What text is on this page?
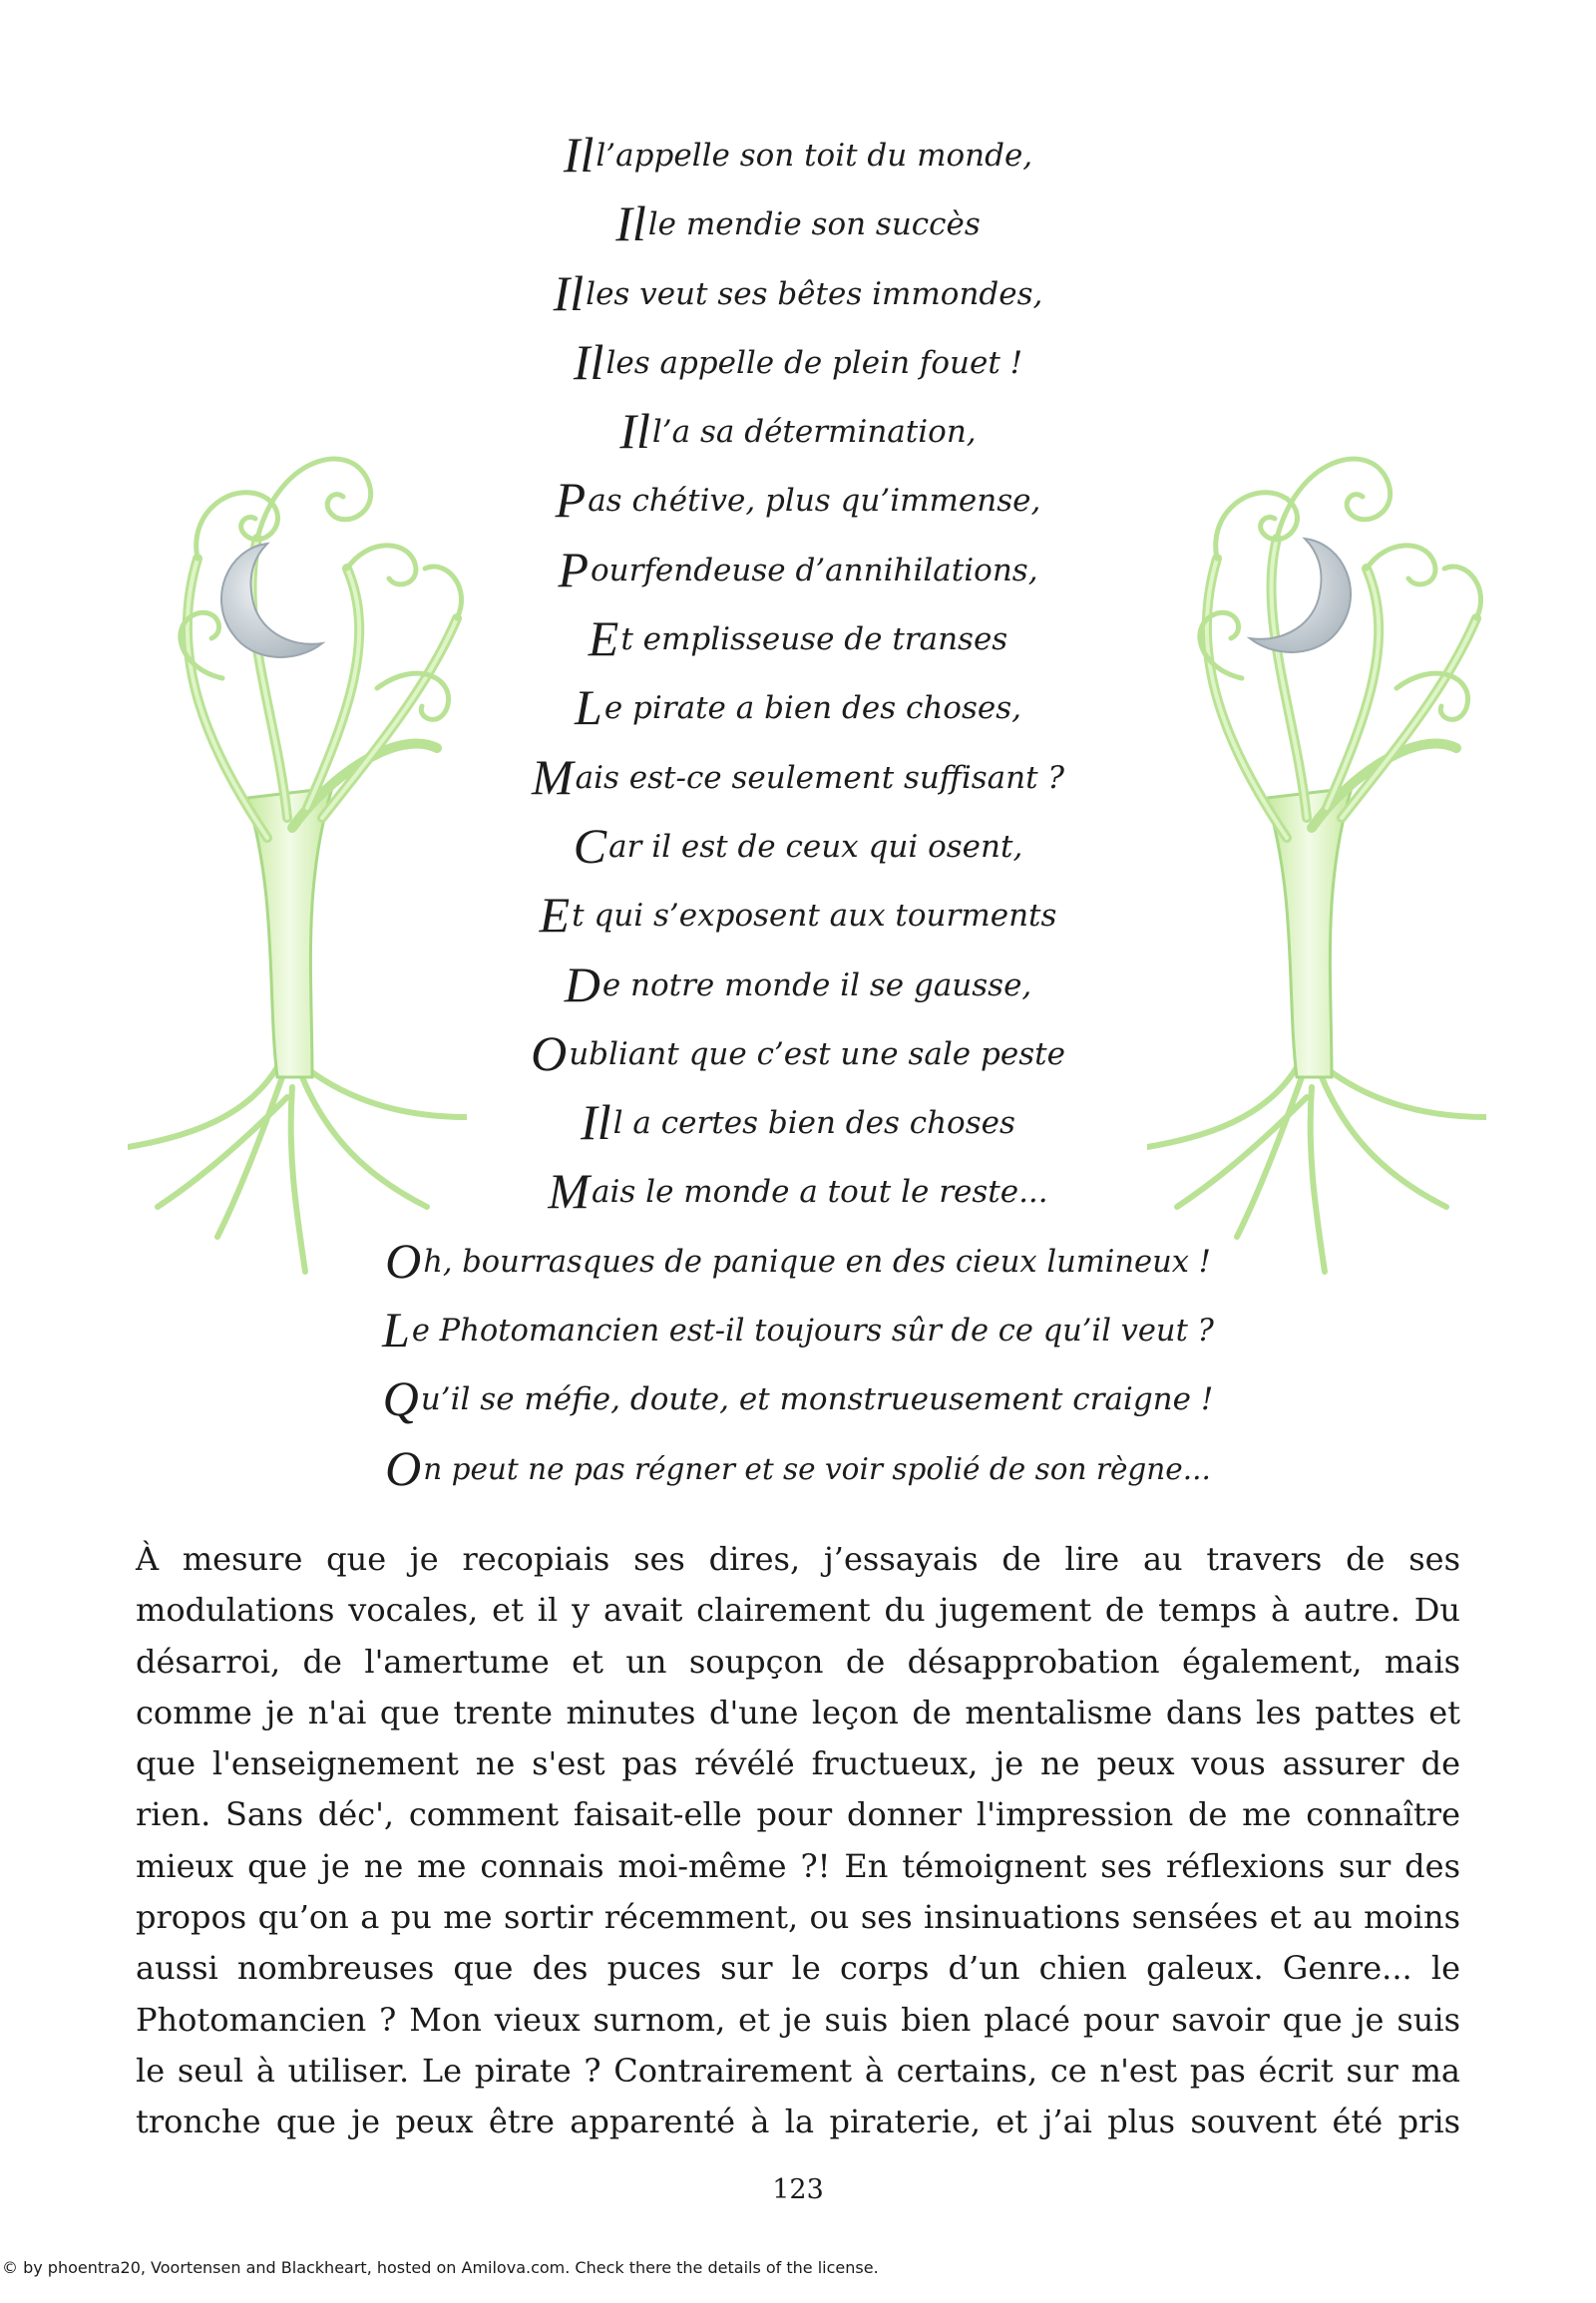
Ill’appelle son toit du monde,
Ille mendie son succès
Illes veut ses bêtes immondes,
Illes appelle de plein fouet !
Ill’a sa détermination,
Pas chétive, plus qu’immense,
Pourfendeuse d’annihilations,
Et emplisseuse de transes
Le pirate a bien des choses,
Mais est-ce seulement suffisant ?
Car il est de ceux qui osent,
Et qui s’exposent aux tourments
De notre monde il se gausse,
Oubliant que c’est une sale peste
Ill a certes bien des choses
Mais le monde a tout le reste...
Oh, bourrasques de panique en des cieux lumineux !
Le Photomancien est-il toujours sûr de ce qu’il veut ?
Qu’il se méfie, doute, et monstrueusement craigne !
On peut ne pas régner et se voir spolié de son règne...
À mesure que je recopiais ses dires, j’essayais de lire au travers de ses
modulations vocales, et il y avait clairement du jugement de temps à autre. Du
désarroi, de l'amertume et un soupçon de désapprobation également, mais
comme je n'ai que trente minutes d'une leçon de mentalisme dans les pattes et
que l'enseignement ne s'est pas révélé fructueux, je ne peux vous assurer de
rien. Sans déc', comment faisait-elle pour donner l'impression de me connaître
mieux que je ne me connais moi-même ?! En témoignent ses réflexions sur des
propos qu’on a pu me sortir récemment, ou ses insinuations sensées et au moins
aussi nombreuses que des puces sur le corps d’un chien galeux. Genre... le
Photomancien ? Mon vieux surnom, et je suis bien placé pour savoir que je suis
le seul à utiliser. Le pirate ? Contrairement à certains, ce n'est pas écrit sur ma
tronche que je peux être apparenté à la piraterie, et j’ai plus souvent été pris
123
© by phoentra20, Voortensen and Blackheart, hosted on Amilova.com. Check there the details of the license.
